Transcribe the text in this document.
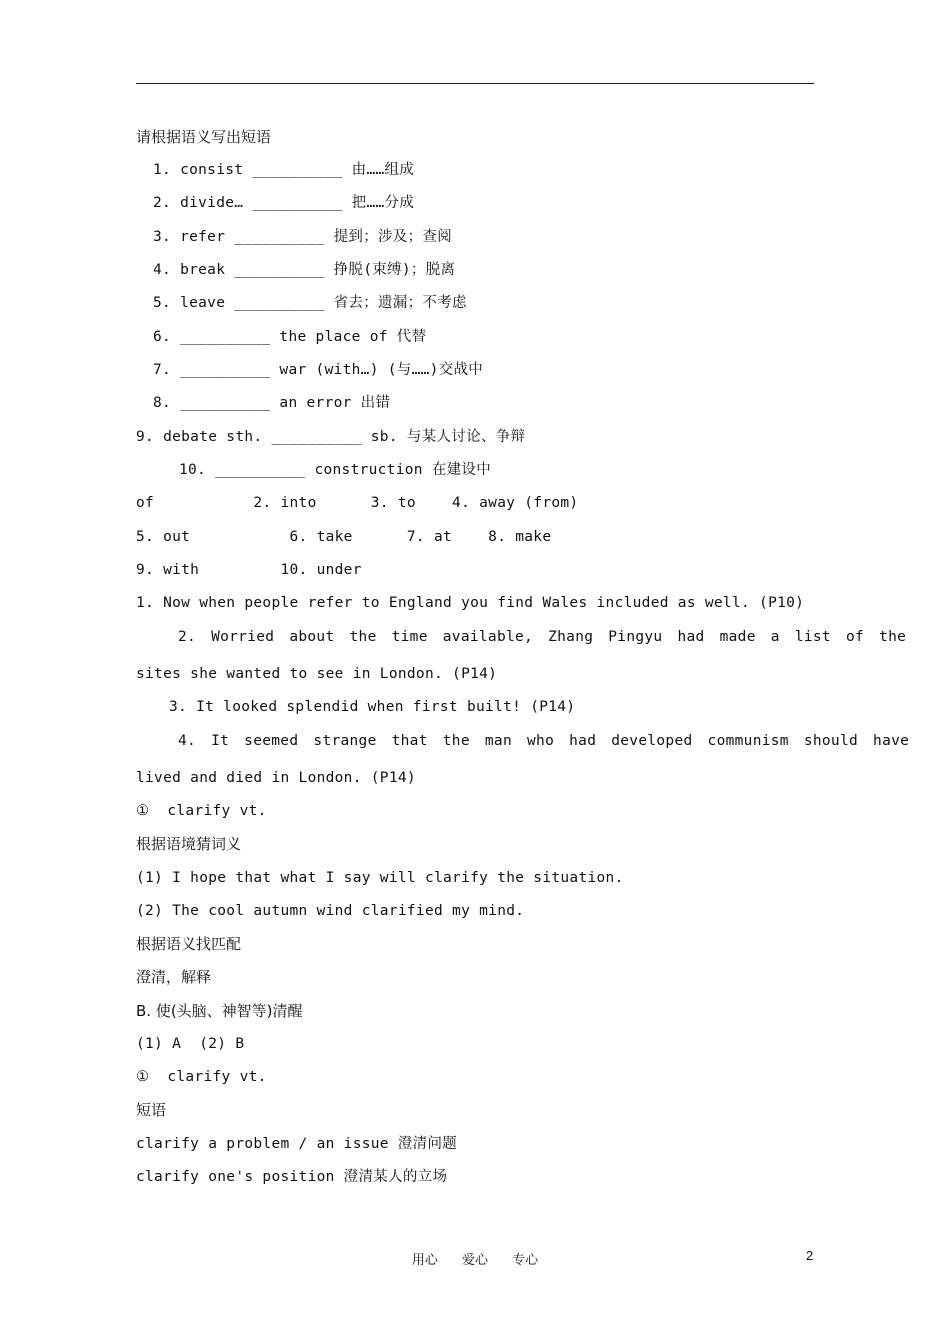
请根据语义写出短语
1. consist __________ 由……组成
2. divide… __________ 把……分成
3. refer __________ 提到；涉及；查阅
4. break __________ 挣脱(束缚)；脱离
5. leave __________ 省去；遗漏；不考虑
6. __________ the place of 代替
7. __________ war (with…) (与……)交战中
8. __________ an error 出错
9. debate sth. __________ sb. 与某人讨论、争辩
10. __________ construction 在建设中
of           2. into      3. to    4. away (from)
5. out           6. take      7. at    8. make
9. with         10. under
1. Now when people refer to England you find Wales included as well. (P10)
2. Worried about the time available, Zhang Pingyu had made a list of the
sites she wanted to see in London. (P14)
3. It looked splendid when first built! (P14)
4. It seemed strange that the man who had developed communism should have
lived and died in London. (P14)
①  clarify vt.
根据语境猜词义
(1) I hope that what I say will clarify the situation.
(2) The cool autumn wind clarified my mind.
根据语义找匹配
澄清，解释
B. 使(头脑、神智等)清醒
(1) A  (2) B
①  clarify vt.
短语
clarify a problem / an issue 澄清问题
clarify one's position 澄清某人的立场
用心 爱心 专心	2
